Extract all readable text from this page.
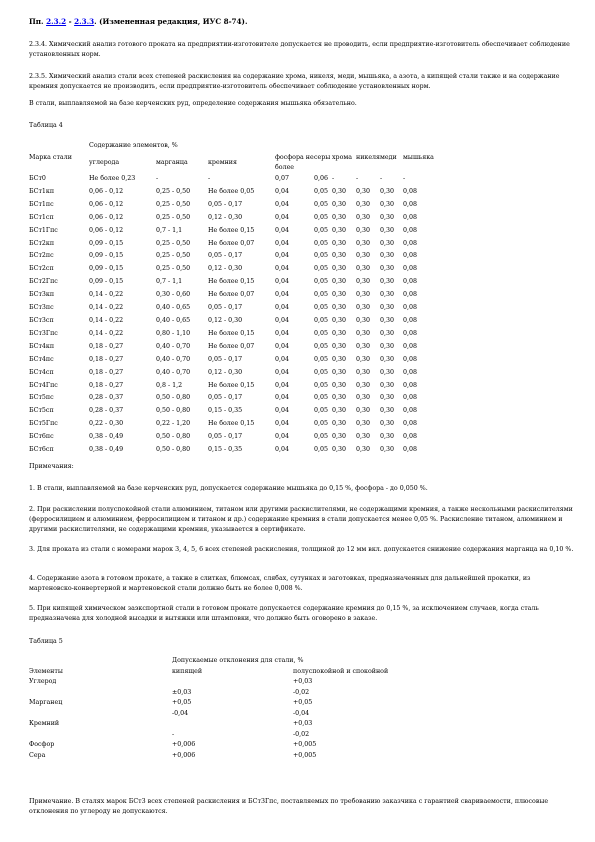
Пп. 2.3.2 - 2.3.3. (Измененная редакция, ИУС 8-74).

2.3.4. Химический анализ готового проката на предприятии-изготовителе допускается не проводить, если предприятие-изготовитель обеспечивает соблюдение установленных норм.

2.3.5. Химический анализ стали всех степеней раскисления на содержание хрома, никеля, меди, мышьяка, а азота, а кипящей стали также и на содержание кремния допускается не производить, если предприятие-изготовитель обеспечивает соблюдение установленных норм.

В стали, выплавляемой на базе керченских руд, определение содержания мышьяка обязательно.

Таблица 4

	Содержание элементов, %								
Марка стали	углерода	марганца	кремния	фосфора не более	серы	хрома	никеля	меди	мышьяка
БСт0	Не более 0,23	-	-	0,07	0,06	-	-	-	-
БСт1кп	0,06 - 0,12	0,25 - 0,50	Не более 0,05	0,04	0,05	0,30	0,30	0,30	0,08
БСт1пс	0,06 - 0,12	0,25 - 0,50	0,05 - 0,17	0,04	0,05	0,30	0,30	0,30	0,08
БСт1сп	0,06 - 0,12	0,25 - 0,50	0,12 - 0,30	0,04	0,05	0,30	0,30	0,30	0,08
БСт1Гпс	0,06 - 0,12	0,7 - 1,1	Не более 0,15	0,04	0,05	0,30	0,30	0,30	0,08
БСт2кп	0,09 - 0,15	0,25 - 0,50	Не более 0,07	0,04	0,05	0,30	0,30	0,30	0,08
БСт2пс	0,09 - 0,15	0,25 - 0,50	0,05 - 0,17	0,04	0,05	0,30	0,30	0,30	0,08
БСт2сп	0,09 - 0,15	0,25 - 0,50	0,12 - 0,30	0,04	0,05	0,30	0,30	0,30	0,08
БСт2Гпс	0,09 - 0,15	0,7 - 1,1	Не более 0,15	0,04	0,05	0,30	0,30	0,30	0,08
БСт3кп	0,14 - 0,22	0,30 - 0,60	Не более 0,07	0,04	0,05	0,30	0,30	0,30	0,08
БСт3пс	0,14 - 0,22	0,40 - 0,65	0,05 - 0,17	0,04	0,05	0,30	0,30	0,30	0,08
БСт3сп	0,14 - 0,22	0,40 - 0,65	0,12 - 0,30	0,04	0,05	0,30	0,30	0,30	0,08
БСт3Гпс	0,14 - 0,22	0,80 - 1,10	Не более 0,15	0,04	0,05	0,30	0,30	0,30	0,08
БСт4кп	0,18 - 0,27	0,40 - 0,70	Не более 0,07	0,04	0,05	0,30	0,30	0,30	0,08
БСт4пс	0,18 - 0,27	0,40 - 0,70	0,05 - 0,17	0,04	0,05	0,30	0,30	0,30	0,08
БСт4сп	0,18 - 0,27	0,40 - 0,70	0,12 - 0,30	0,04	0,05	0,30	0,30	0,30	0,08
БСт4Гпс	0,18 - 0,27	0,8 - 1,2	Не более 0,15	0,04	0,05	0,30	0,30	0,30	0,08
БСт5пс	0,28 - 0,37	0,50 - 0,80	0,05 - 0,17	0,04	0,05	0,30	0,30	0,30	0,08
БСт5сп	0,28 - 0,37	0,50 - 0,80	0,15 - 0,35	0,04	0,05	0,30	0,30	0,30	0,08
БСт5Гпс	0,22 - 0,30	0,22 - 1,20	Не более 0,15	0,04	0,05	0,30	0,30	0,30	0,08
БСт6пс	0,38 - 0,49	0,50 - 0,80	0,05 - 0,17	0,04	0,05	0,30	0,30	0,30	0,08
БСт6сп	0,38 - 0,49	0,50 - 0,80	0,15 - 0,35	0,04	0,05	0,30	0,30	0,30	0,08

Примечания:

1. В стали, выплавляемой на базе керченских руд, допускается содержание мышьяка до 0,15 %, фосфора - до 0,050 %.

2. При раскислении полуспокойной стали алюминием, титаном или другими раскислителями, не содержащими кремния, а также нескольными раскислителями (ферросилицием и алюминием, ферросилицием и титаном и др.) содержание кремния в стали допускается менее 0,05 %. Раскисление титаном, алюминием и другими раскислителями, не содержащими кремния, указывается в сертификате.

3. Для проката из стали с номерами марок 3, 4, 5, 6 всех степеней раскисления, толщиной до 12 мм вкл. допускается снижение содержания марганца на 0,10 %.

4. Содержание азота в готовом прокате, а также в слитках, блюмсах, слябах, сутунках и заготовках, предназначенных для дальнейшей прокатки, из мартеновско-конвертерной и мартеновской стали должно быть не более 0,008 %.

5. При кипящей химическом заэкспортной стали в готовом прокате допускается содержание кремния до 0,15 %, за исключением случаев, когда сталь предназначена для холодной высадки и вытяжки или штамповки, что должно быть оговорено в заказе.

Таблица 5

Элементы	Допускаемые отклонения для стали, %	
	кипящей	полуспокойной и спокойной
Углерод		+0,03
	±0,03	-0,02
Марганец	+0,05	+0,05
	-0,04	-0,04
Кремний		+0,03
	-	-0,02
Фосфор	+0,006	+0,005
Сера	+0,006	+0,005

Примечание. В сталях марок БСт3 всех степеней раскисления и БСт3Гпс, поставляемых по требованию заказчика с гарантией свариваемости, плюсовые отклонения по углероду не допускаются.
